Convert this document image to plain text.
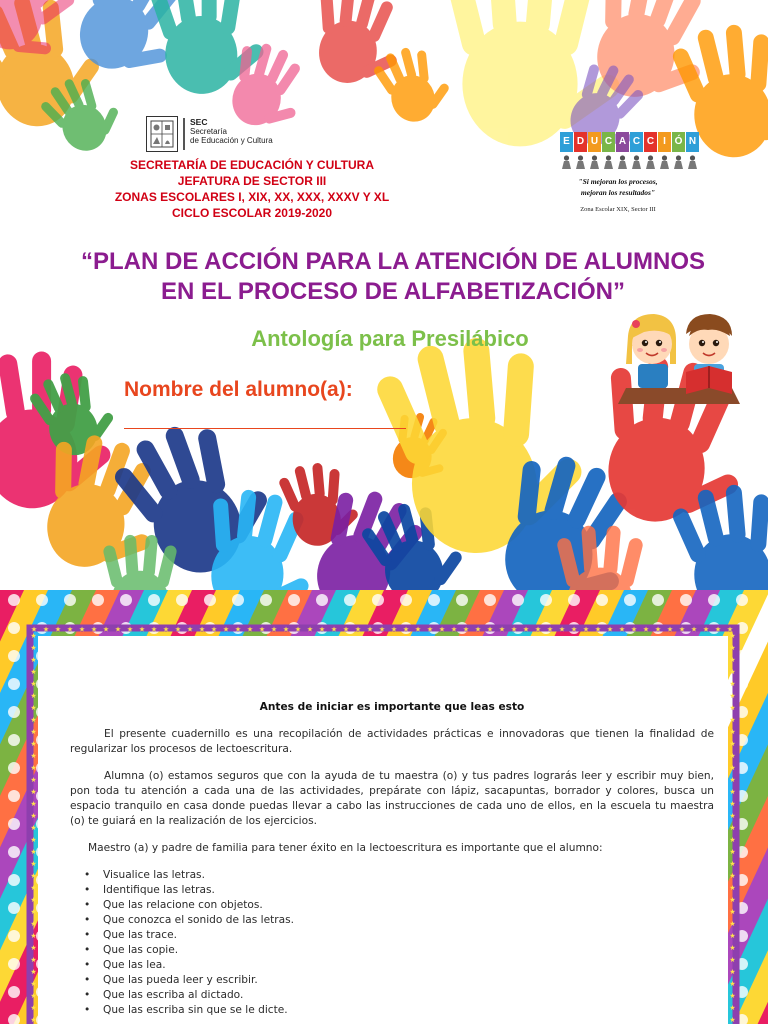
SEC
Secretaría
de Educación y Cultura
SECRETARÍA DE EDUCACIÓN Y CULTURA
JEFATURA DE SECTOR III
ZONAS ESCOLARES I, XIX, XX, XXX, XXXV Y XL
CICLO ESCOLAR 2019-2020
E D U C A C C I Ó N
"Si mejoran los procesos,
mejoran los resultados"
Zona Escolar XIX, Sector III
“PLAN DE ACCIÓN PARA LA ATENCIÓN DE ALUMNOS
EN EL PROCESO DE ALFABETIZACIÓN”
Antología para Presilábico
Nombre del alumno(a):
★ ★ ★ ★ ★ ★ ★ ★ ★ ★ ★ ★ ★ ★ ★ ★ ★ ★ ★ ★ ★ ★ ★ ★ ★ ★ ★ ★ ★ ★ ★ ★ ★ ★ ★ ★ ★ ★ ★ ★ ★ ★ ★ ★ ★ ★ ★ ★ ★ ★ ★ ★ ★ ★ ★ ★ ★ ★ ★
★	★
★	★
★	★
★	★
★	★
★	★
★	★
★	★
★	★
★	★
★	★
★	★
★	★
★	★
★	★
★	★
★	★
★	★
★	★
★	★
★	★
★	★
★	★
★	★
★	★
★	★
★	★
★	★
★	★
★	★
★	★
★	★
★	★

Antes de iniciar es importante que leas esto

El presente cuadernillo es una recopilación de actividades prácticas e innovadoras que tienen la finalidad de regularizar los procesos de lectoescritura.

Alumna (o) estamos seguros que con la ayuda de tu maestra (o) y tus padres lograrás leer y escribir muy bien, pon toda tu atención a cada una de las actividades, prepárate con lápiz, sacapuntas, borrador y colores, busca un espacio tranquilo en casa donde puedas llevar a cabo las instrucciones de cada uno de ellos, en la escuela tu maestra (o) te guiará en la realización de los ejercicios.

Maestro (a) y padre de familia para tener éxito en la lectoescritura es importante que el alumno:

• Visualice las letras.
• Identifique las letras.
• Que las relacione con objetos.
• Que conozca el sonido de las letras.
• Que las trace.
• Que las copie.
• Que las lea.
• Que las pueda leer y escribir.
• Que las escriba al dictado.
• Que las escriba sin que se le dicte.
